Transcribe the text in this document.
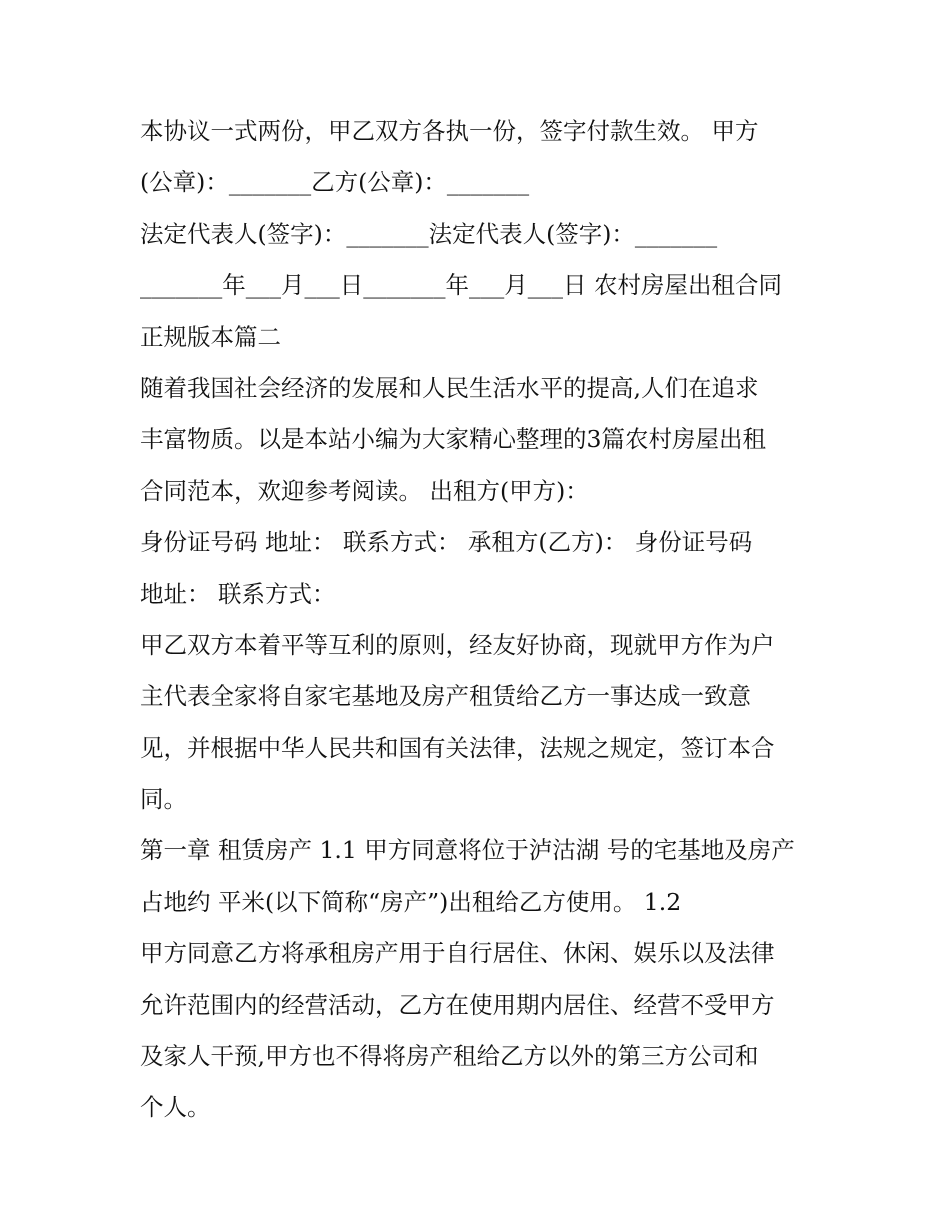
本协议一式两份，甲乙双方各执一份，签字付款生效。 甲方
(公章)：_______乙方(公章)：_______
法定代表人(签字)：_______法定代表人(签字)：_______
_______年___月___日_______年___月___日 农村房屋出租合同
正规版本篇二
随着我国社会经济的发展和人民生活水平的提高,人们在追求
丰富物质。以是本站小编为大家精心整理的3篇农村房屋出租
合同范本，欢迎参考阅读。 出租方(甲方)：
身份证号码 地址： 联系方式： 承租方(乙方)： 身份证号码
地址： 联系方式：
甲乙双方本着平等互利的原则，经友好协商，现就甲方作为户
主代表全家将自家宅基地及房产租赁给乙方一事达成一致意
见，并根据中华人民共和国有关法律，法规之规定，签订本合
同。
第一章 租赁房产 1.1 甲方同意将位于泸沽湖 号的宅基地及房产
占地约 平米(以下简称“房产”)出租给乙方使用。 1.2
甲方同意乙方将承租房产用于自行居住、休闲、娱乐以及法律
允许范围内的经营活动，乙方在使用期内居住、经营不受甲方
及家人干预,甲方也不得将房产租给乙方以外的第三方公司和
个人。
